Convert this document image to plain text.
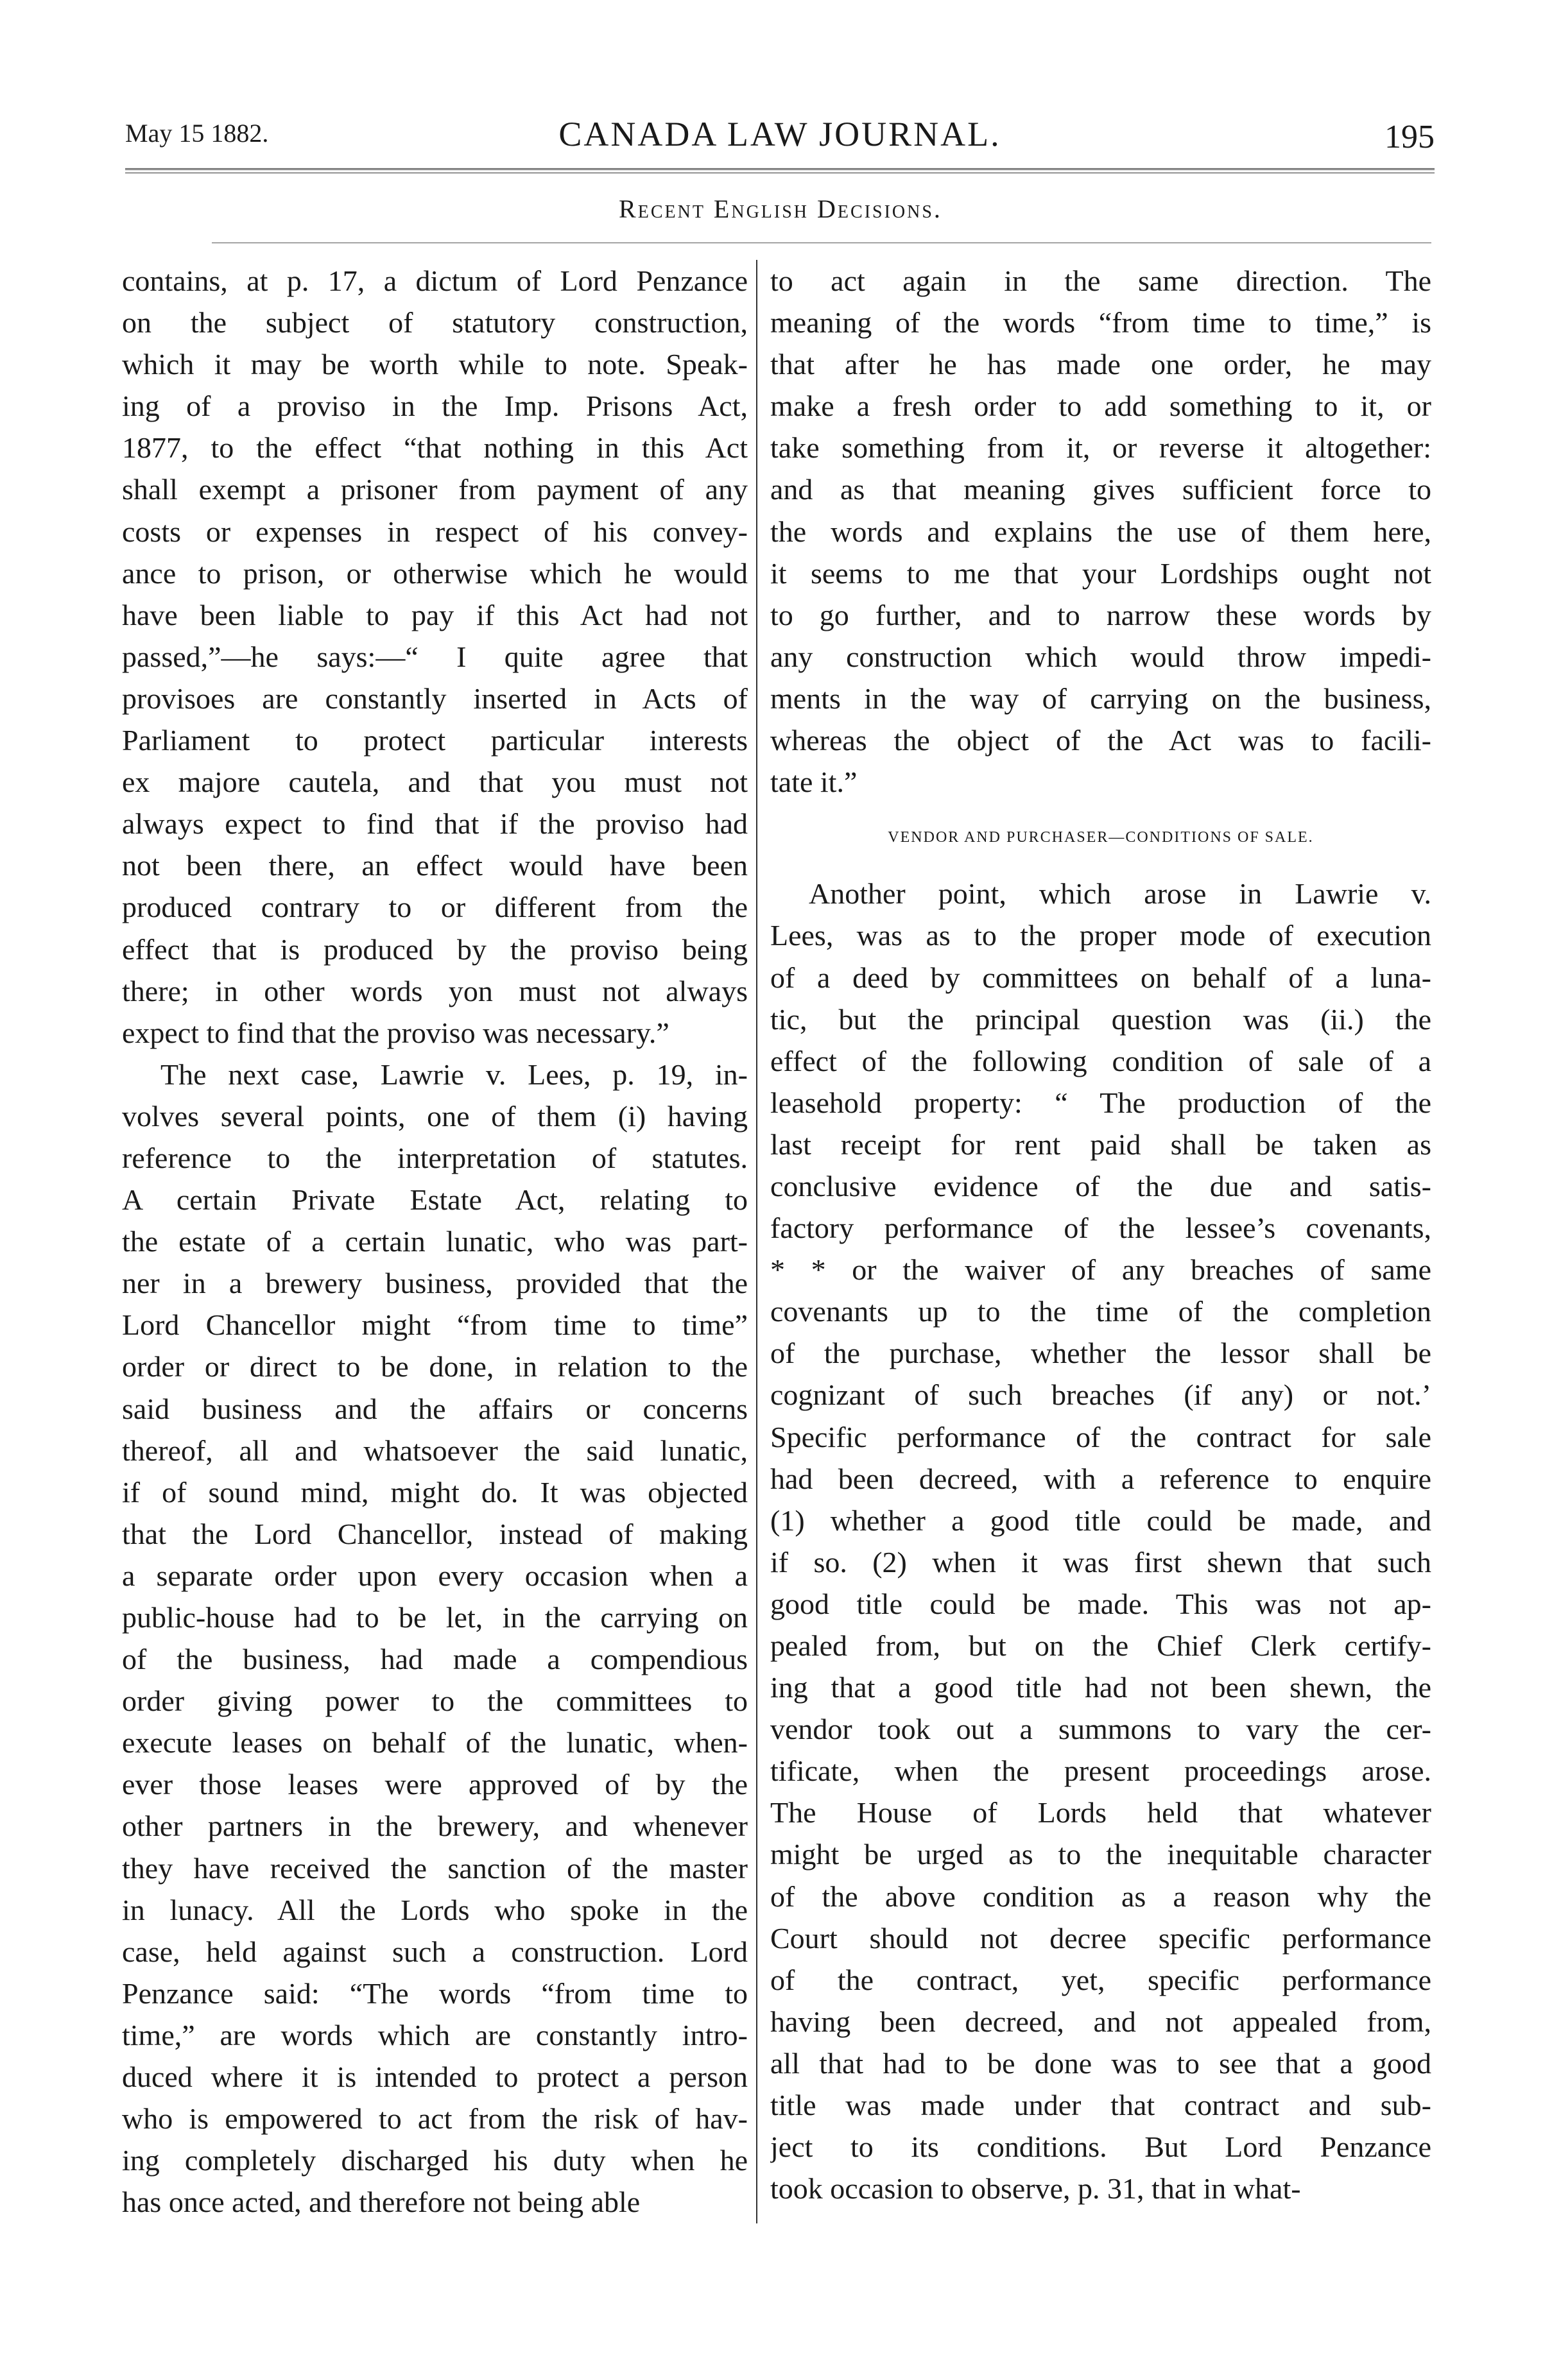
May 15 1882.	CANADA LAW JOURNAL.	195
Recent English Decisions.
contains, at p. 17, a dictum of Lord Penzance
on the subject of statutory construction,
which it may be worth while to note. Speak-
ing of a proviso in the Imp. Prisons Act,
1877, to the effect “that nothing in this Act
shall exempt a prisoner from payment of any
costs or expenses in respect of his convey-
ance to prison, or otherwise which he would
have been liable to pay if this Act had not
passed,”—he says:—“ I quite agree that
provisoes are constantly inserted in Acts of
Parliament to protect particular interests
ex majore cautela, and that you must not
always expect to find that if the proviso had
not been there, an effect would have been
produced contrary to or different from the
effect that is produced by the proviso being
there; in other words yon must not always
expect to find that the proviso was necessary.”
The next case, Lawrie v. Lees, p. 19, in-
volves several points, one of them (i) having
reference to the interpretation of statutes.
A certain Private Estate Act, relating to
the estate of a certain lunatic, who was part-
ner in a brewery business, provided that the
Lord Chancellor might “from time to time”
order or direct to be done, in relation to the
said business and the affairs or concerns
thereof, all and whatsoever the said lunatic,
if of sound mind, might do. It was objected
that the Lord Chancellor, instead of making
a separate order upon every occasion when a
public-house had to be let, in the carrying on
of the business, had made a compendious
order giving power to the committees to
execute leases on behalf of the lunatic, when-
ever those leases were approved of by the
other partners in the brewery, and whenever
they have received the sanction of the master
in lunacy. All the Lords who spoke in the
case, held against such a construction. Lord
Penzance said: “The words “from time to
time,” are words which are constantly intro-
duced where it is intended to protect a person
who is empowered to act from the risk of hav-
ing completely discharged his duty when he
has once acted, and therefore not being able
to act again in the same direction. The
meaning of the words “from time to time,” is
that after he has made one order, he may
make a fresh order to add something to it, or
take something from it, or reverse it altogether:
and as that meaning gives sufficient force to
the words and explains the use of them here,
it seems to me that your Lordships ought not
to go further, and to narrow these words by
any construction which would throw impedi-
ments in the way of carrying on the business,
whereas the object of the Act was to facili-
tate it.”
VENDOR AND PURCHASER—CONDITIONS OF SALE.
Another point, which arose in Lawrie v.
Lees, was as to the proper mode of execution
of a deed by committees on behalf of a luna-
tic, but the principal question was (ii.) the
effect of the following condition of sale of a
leasehold property: “ The production of the
last receipt for rent paid shall be taken as
conclusive evidence of the due and satis-
factory performance of the lessee’s covenants,
* * or the waiver of any breaches of same
covenants up to the time of the completion
of the purchase, whether the lessor shall be
cognizant of such breaches (if any) or not.’
Specific performance of the contract for sale
had been decreed, with a reference to enquire
(1) whether a good title could be made, and
if so. (2) when it was first shewn that such
good title could be made. This was not ap-
pealed from, but on the Chief Clerk certify-
ing that a good title had not been shewn, the
vendor took out a summons to vary the cer-
tificate, when the present proceedings arose.
The House of Lords held that whatever
might be urged as to the inequitable character
of the above condition as a reason why the
Court should not decree specific performance
of the contract, yet, specific performance
having been decreed, and not appealed from,
all that had to be done was to see that a good
title was made under that contract and sub-
ject to its conditions. But Lord Penzance
took occasion to observe, p. 31, that in what-
